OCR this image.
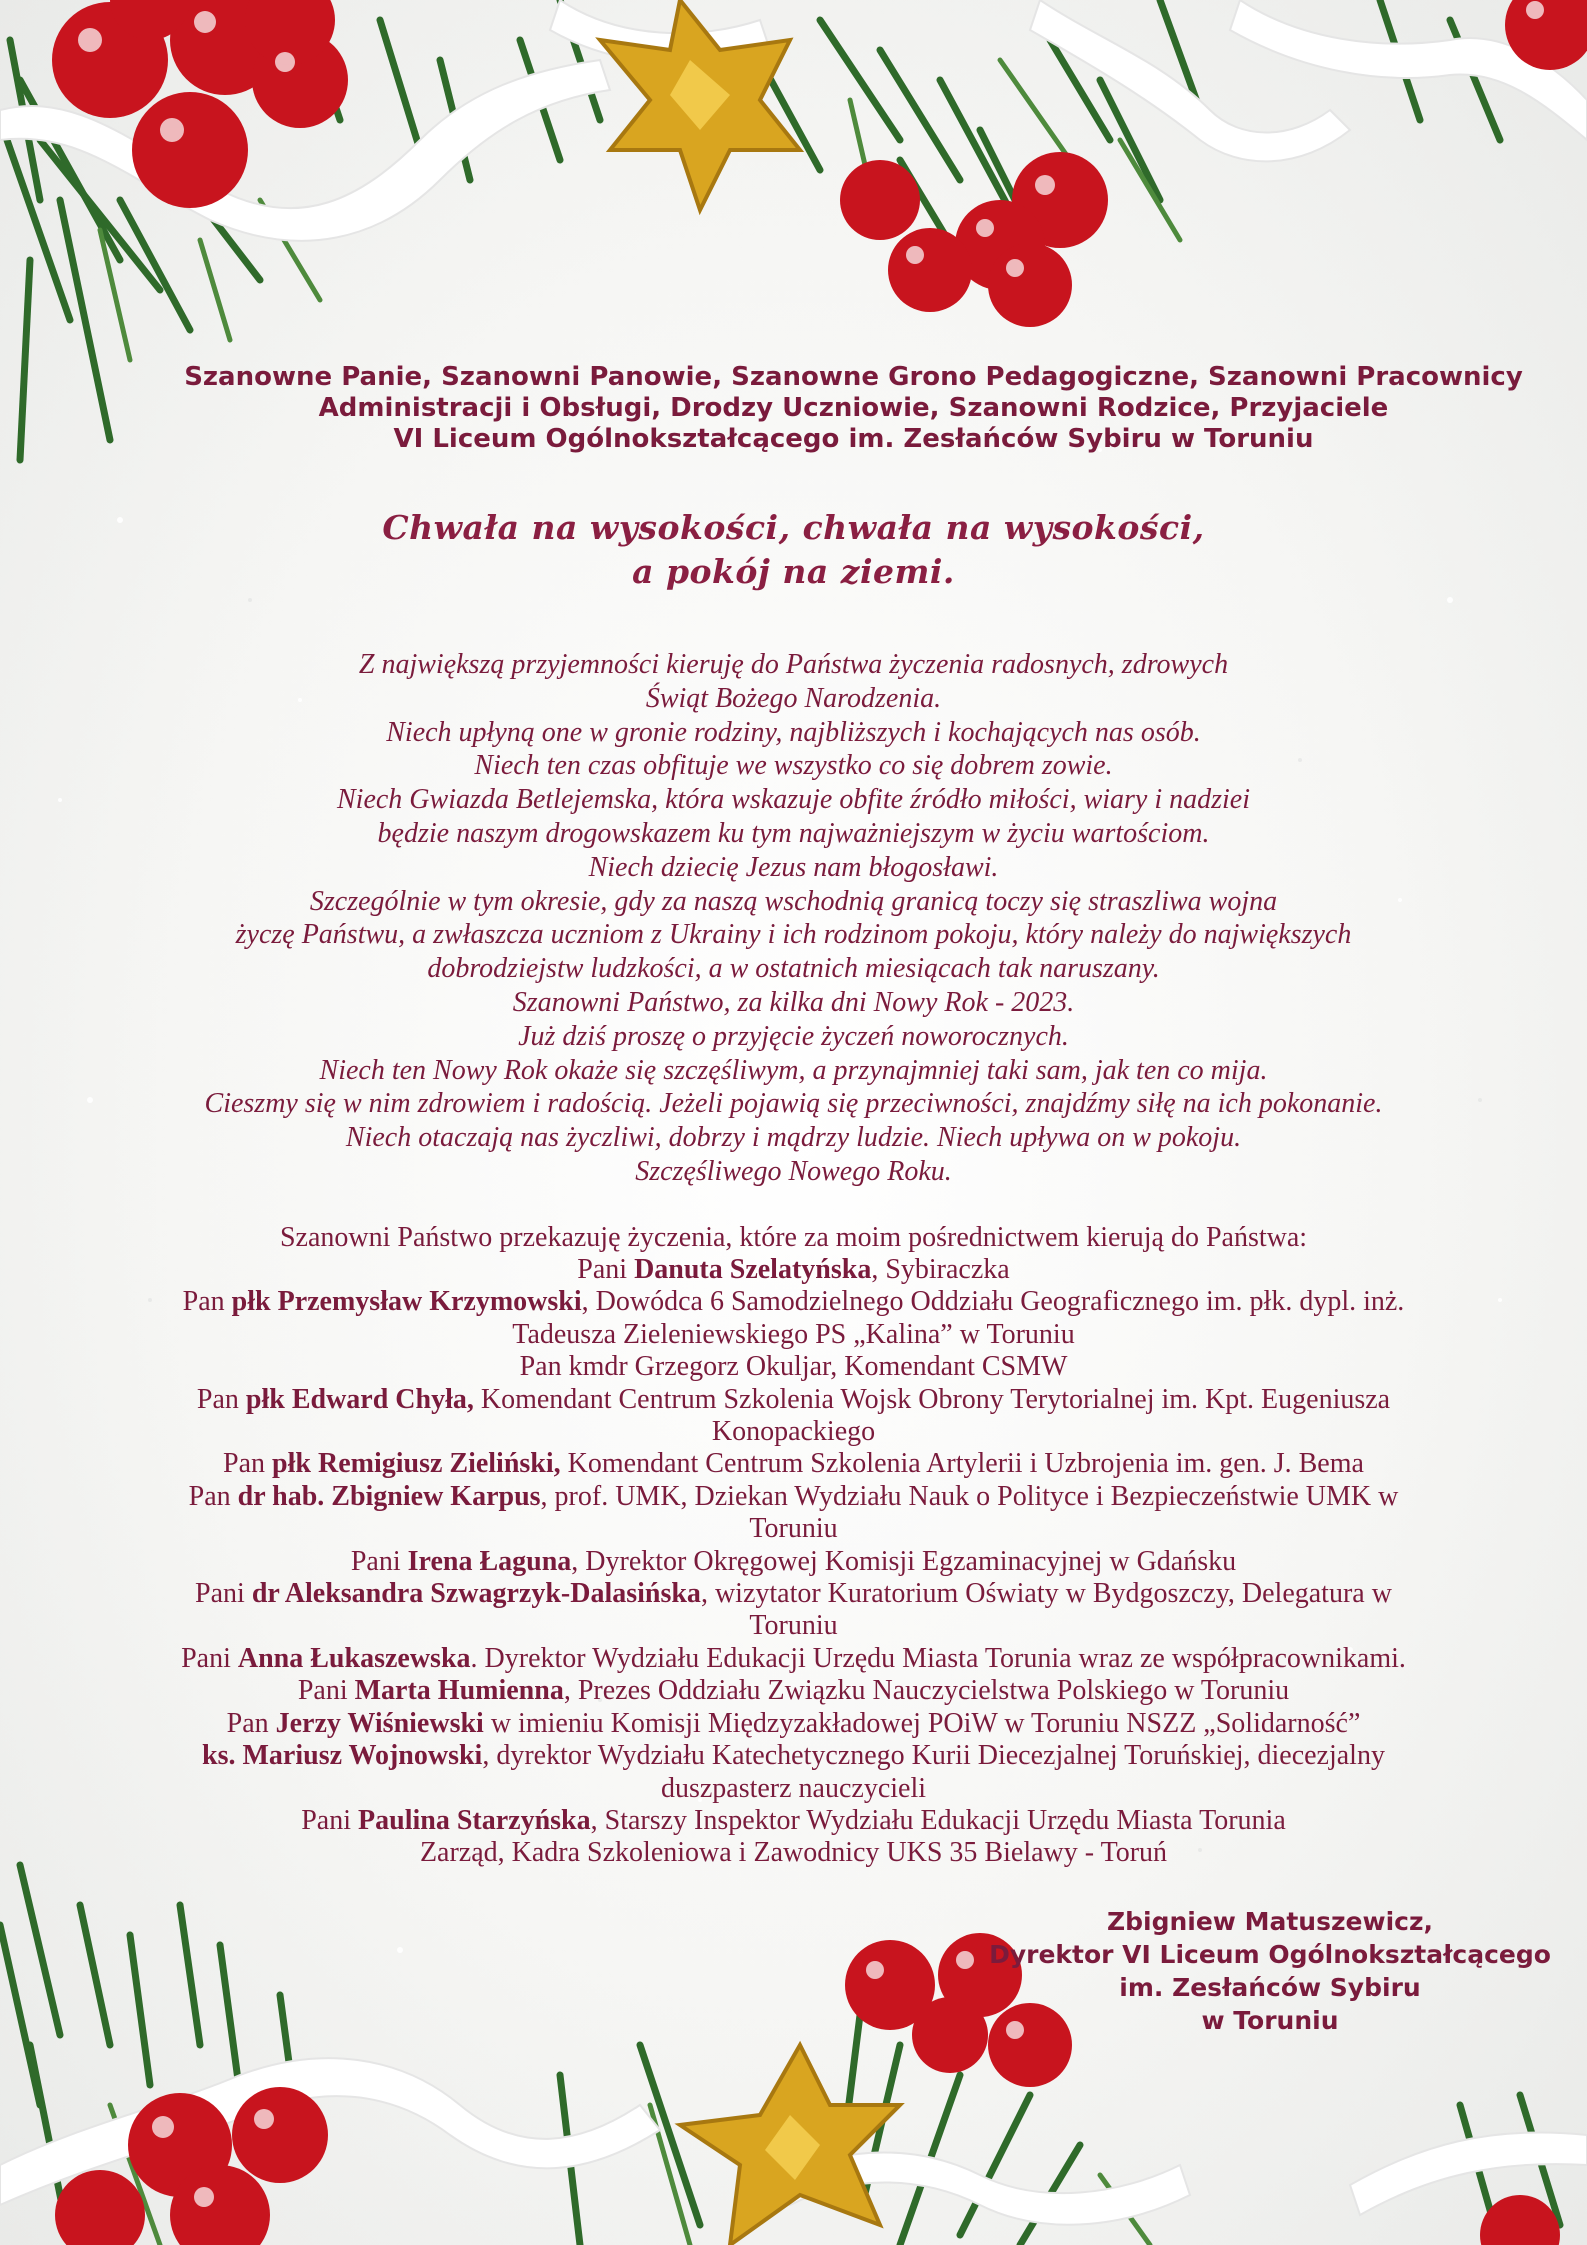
Szanowne Panie, Szanowni Panowie, Szanowne Grono Pedagogiczne, Szanowni Pracownicy
Administracji i Obsługi, Drodzy Uczniowie, Szanowni Rodzice, Przyjaciele
VI Liceum Ogólnokształcącego im. Zesłańców Sybiru w Toruniu
Chwała na wysokości, chwała na wysokości,
a pokój na ziemi.
Z największą przyjemności kieruję do Państwa życzenia radosnych, zdrowych
Świąt Bożego Narodzenia.
Niech upłyną one w gronie rodziny, najbliższych i kochających nas osób.
Niech ten czas obfituje we wszystko co się dobrem zowie.
Niech Gwiazda Betlejemska, która wskazuje obfite źródło miłości, wiary i nadziei
będzie naszym drogowskazem ku tym najważniejszym w życiu wartościom.
Niech dziecię Jezus nam błogosławi.
Szczególnie w tym okresie, gdy za naszą wschodnią granicą toczy się straszliwa wojna
życzę Państwu, a zwłaszcza uczniom z Ukrainy i ich rodzinom pokoju, który należy do największych
dobrodziejstw ludzkości, a w ostatnich miesiącach tak naruszany.
Szanowni Państwo, za kilka dni Nowy Rok - 2023.
Już dziś proszę o przyjęcie życzeń noworocznych.
Niech ten Nowy Rok okaże się szczęśliwym, a przynajmniej taki sam, jak ten co mija.
Cieszmy się w nim zdrowiem i radością. Jeżeli pojawią się przeciwności, znajdźmy siłę na ich pokonanie.
Niech otaczają nas życzliwi, dobrzy i mądrzy ludzie. Niech upływa on w pokoju.
Szczęśliwego Nowego Roku.
Szanowni Państwo przekazuję życzenia, które za moim pośrednictwem kierują do Państwa:
Pani Danuta Szelatyńska, Sybiraczka
Pan płk Przemysław Krzymowski, Dowódca 6 Samodzielnego Oddziału Geograficznego im. płk. dypl. inż.
Tadeusza Zieleniewskiego PS „Kalina” w Toruniu
Pan kmdr Grzegorz Okuljar, Komendant CSMW
Pan płk Edward Chyła, Komendant Centrum Szkolenia Wojsk Obrony Terytorialnej im. Kpt. Eugeniusza
Konopackiego
Pan płk Remigiusz Zieliński, Komendant Centrum Szkolenia Artylerii i Uzbrojenia im. gen. J. Bema
Pan dr hab. Zbigniew Karpus, prof. UMK, Dziekan Wydziału Nauk o Polityce i Bezpieczeństwie UMK w
Toruniu
Pani Irena Łaguna, Dyrektor Okręgowej Komisji Egzaminacyjnej w Gdańsku
Pani dr Aleksandra Szwagrzyk-Dalasińska, wizytator Kuratorium Oświaty w Bydgoszczy, Delegatura w
Toruniu
Pani Anna Łukaszewska. Dyrektor Wydziału Edukacji Urzędu Miasta Torunia wraz ze współpracownikami.
Pani Marta Humienna, Prezes Oddziału Związku Nauczycielstwa Polskiego w Toruniu
Pan Jerzy Wiśniewski w imieniu Komisji Międzyzakładowej POiW w Toruniu NSZZ „Solidarność”
ks. Mariusz Wojnowski, dyrektor Wydziału Katechetycznego Kurii Diecezjalnej Toruńskiej, diecezjalny
duszpasterz nauczycieli
Pani Paulina Starzyńska, Starszy Inspektor Wydziału Edukacji Urzędu Miasta Torunia
Zarząd, Kadra Szkoleniowa i Zawodnicy UKS 35 Bielawy - Toruń
Zbigniew Matuszewicz,
Dyrektor VI Liceum Ogólnokształcącego
im. Zesłańców Sybiru
w Toruniu
